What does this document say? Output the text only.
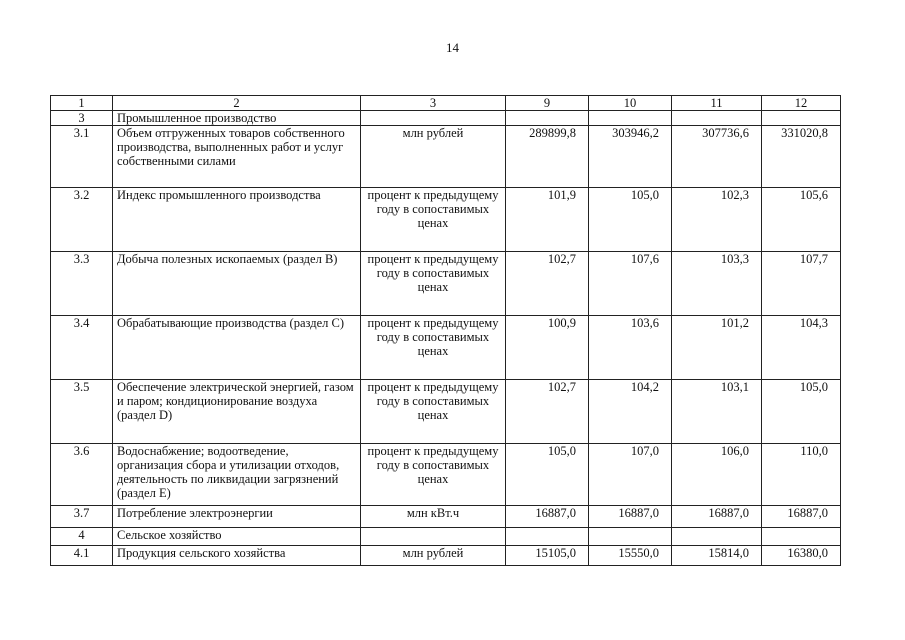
14
1	2	3	9	10	11	12
3	Промышленное производство					
3.1	Объем отгруженных товаров собственного производства, выполненных работ и услуг собственными силами	млн рублей	289899,8	303946,2	307736,6	331020,8
3.2	Индекс промышленного производства	процент к предыдущему году в сопоставимых ценах	101,9	105,0	102,3	105,6
3.3	Добыча полезных ископаемых (раздел В)	процент к предыдущему году в сопоставимых ценах	102,7	107,6	103,3	107,7
3.4	Обрабатывающие производства (раздел С)	процент к предыдущему году в сопоставимых ценах	100,9	103,6	101,2	104,3
3.5	Обеспечение электрической энергией, газом и паром; кондиционирование воздуха (раздел D)	процент к предыдущему году в сопоставимых ценах	102,7	104,2	103,1	105,0
3.6	Водоснабжение; водоотведение, организация сбора и утилизации отходов, деятельность по ликвидации загрязнений (раздел Е)	процент к предыдущему году в сопоставимых ценах	105,0	107,0	106,0	110,0
3.7	Потребление электроэнергии	млн кВт.ч	16887,0	16887,0	16887,0	16887,0
4	Сельское хозяйство					
4.1	Продукция сельского хозяйства	млн рублей	15105,0	15550,0	15814,0	16380,0
